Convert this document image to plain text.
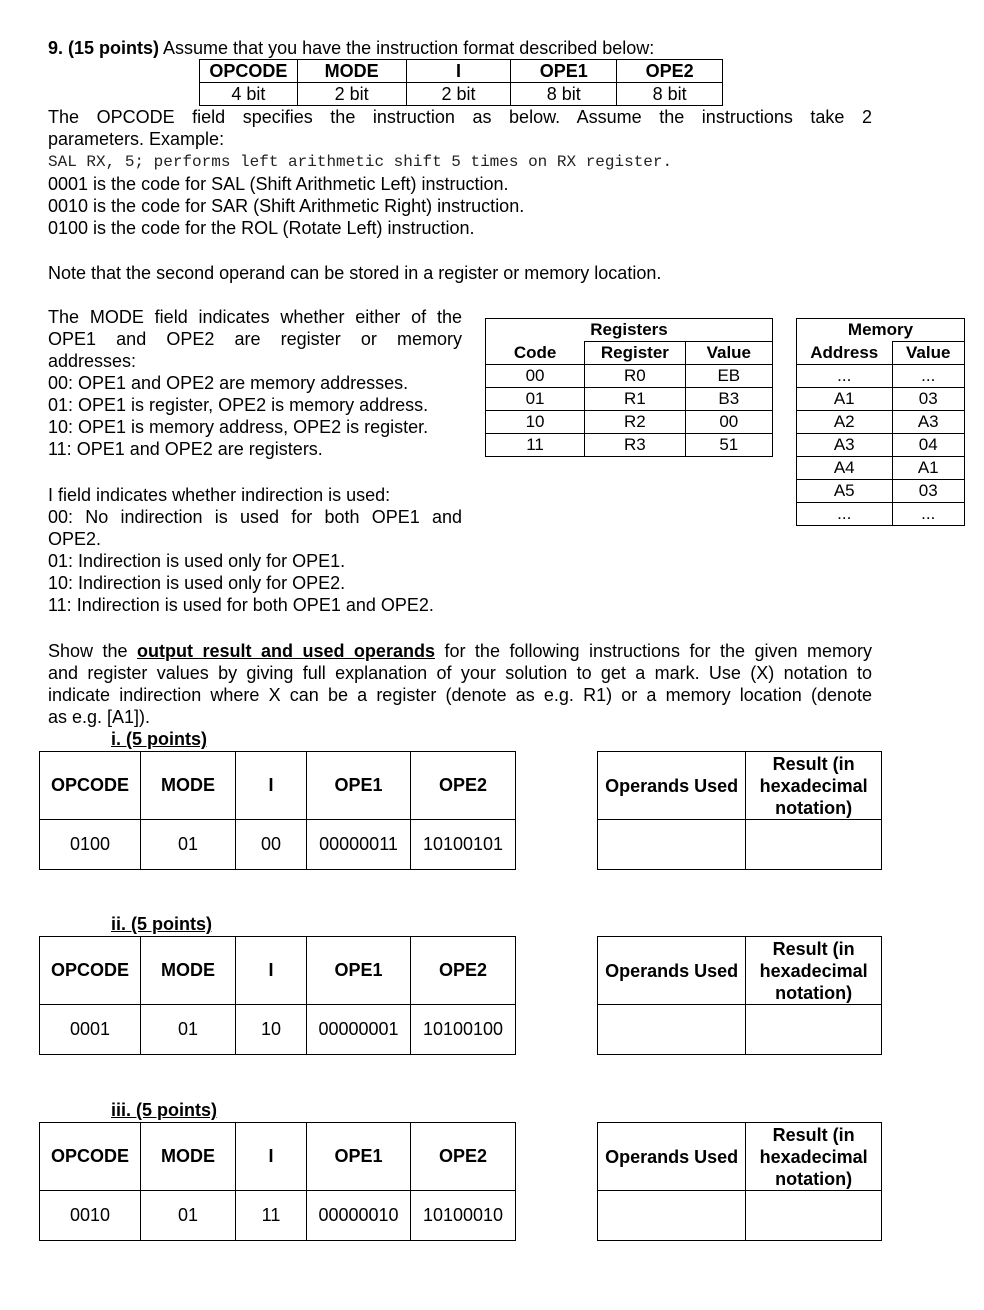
9. (15 points) Assume that you have the instruction format described below:
OPCODE	MODE	I	OPE1	OPE2
4 bit	2 bit	2 bit	8 bit	8 bit
The OPCODE field specifies the instruction as below. Assume the instructions take 2
parameters. Example:
SAL RX, 5; performs left arithmetic shift 5 times on RX register.
0001 is the code for SAL (Shift Arithmetic Left) instruction.
0010 is the code for SAR (Shift Arithmetic Right) instruction.
0100 is the code for the ROL (Rotate Left) instruction.
Note that the second operand can be stored in a register or memory location.
The MODE field indicates whether either of the
OPE1 and OPE2 are register or memory
addresses:
00: OPE1 and OPE2 are memory addresses.
01: OPE1 is register, OPE2 is memory address.
10: OPE1 is memory address, OPE2 is register.
11: OPE1 and OPE2 are registers.
Registers		
Code	Register	Value
00	R0	EB
01	R1	B3
10	R2	00
11	R3	51
Memory	
Address	Value
...	...
A1	03
A2	A3
A3	04
A4	A1
A5	03
...	...
I field indicates whether indirection is used:
00: No indirection is used for both OPE1 and
OPE2.
01: Indirection is used only for OPE1.
10: Indirection is used only for OPE2.
11: Indirection is used for both OPE1 and OPE2.
Show the output result and used operands for the following instructions for the given memory
and register values by giving full explanation of your solution to get a mark. Use (X) notation to
indicate indirection where X can be a register (denote as e.g. R1) or a memory location (denote
as e.g. [A1]).
i. (5 points)
OPCODE	MODE	I	OPE1	OPE2
0100	01	00	00000011	10100101
Operands Used	Result (in hexadecimal notation)

ii. (5 points)
OPCODE	MODE	I	OPE1	OPE2
0001	01	10	00000001	10100100
Operands Used	Result (in hexadecimal notation)

iii. (5 points)
OPCODE	MODE	I	OPE1	OPE2
0010	01	11	00000010	10100010
Operands Used	Result (in hexadecimal notation)
